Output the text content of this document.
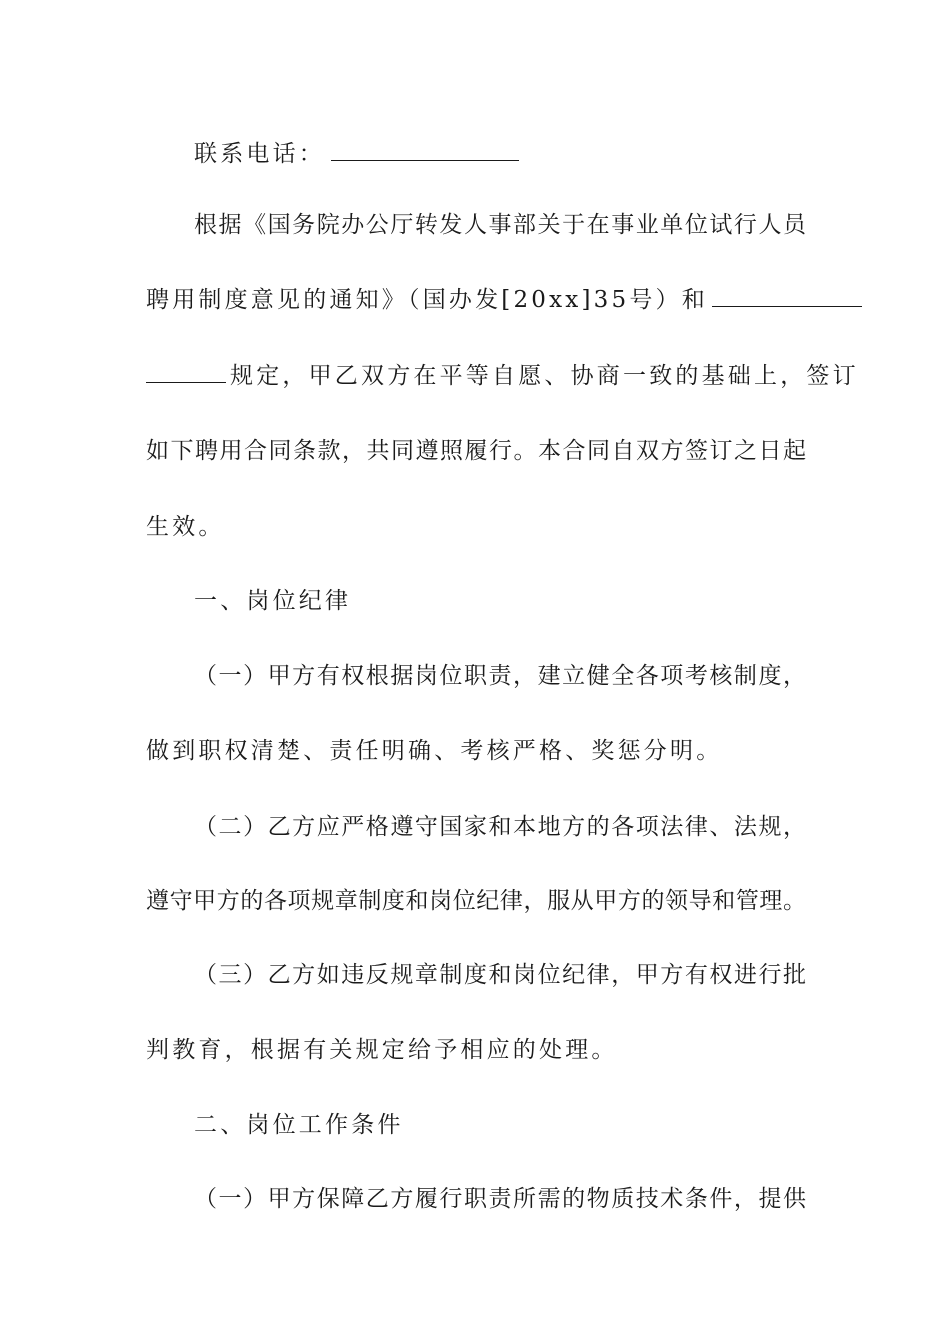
联系电话：
根据《国务院办公厅转发人事部关于在事业单位试行人员
聘用制度意见的通知》（国办发[20xx]35号）和
规定，甲乙双方在平等自愿、协商一致的基础上，签订
如下聘用合同条款，共同遵照履行。本合同自双方签订之日起
生效。
一、岗位纪律
（一）甲方有权根据岗位职责，建立健全各项考核制度，
做到职权清楚、责任明确、考核严格、奖惩分明。
（二）乙方应严格遵守国家和本地方的各项法律、法规，
遵守甲方的各项规章制度和岗位纪律，服从甲方的领导和管理。
（三）乙方如违反规章制度和岗位纪律，甲方有权进行批
判教育，根据有关规定给予相应的处理。
二、岗位工作条件
（一）甲方保障乙方履行职责所需的物质技术条件，提供
